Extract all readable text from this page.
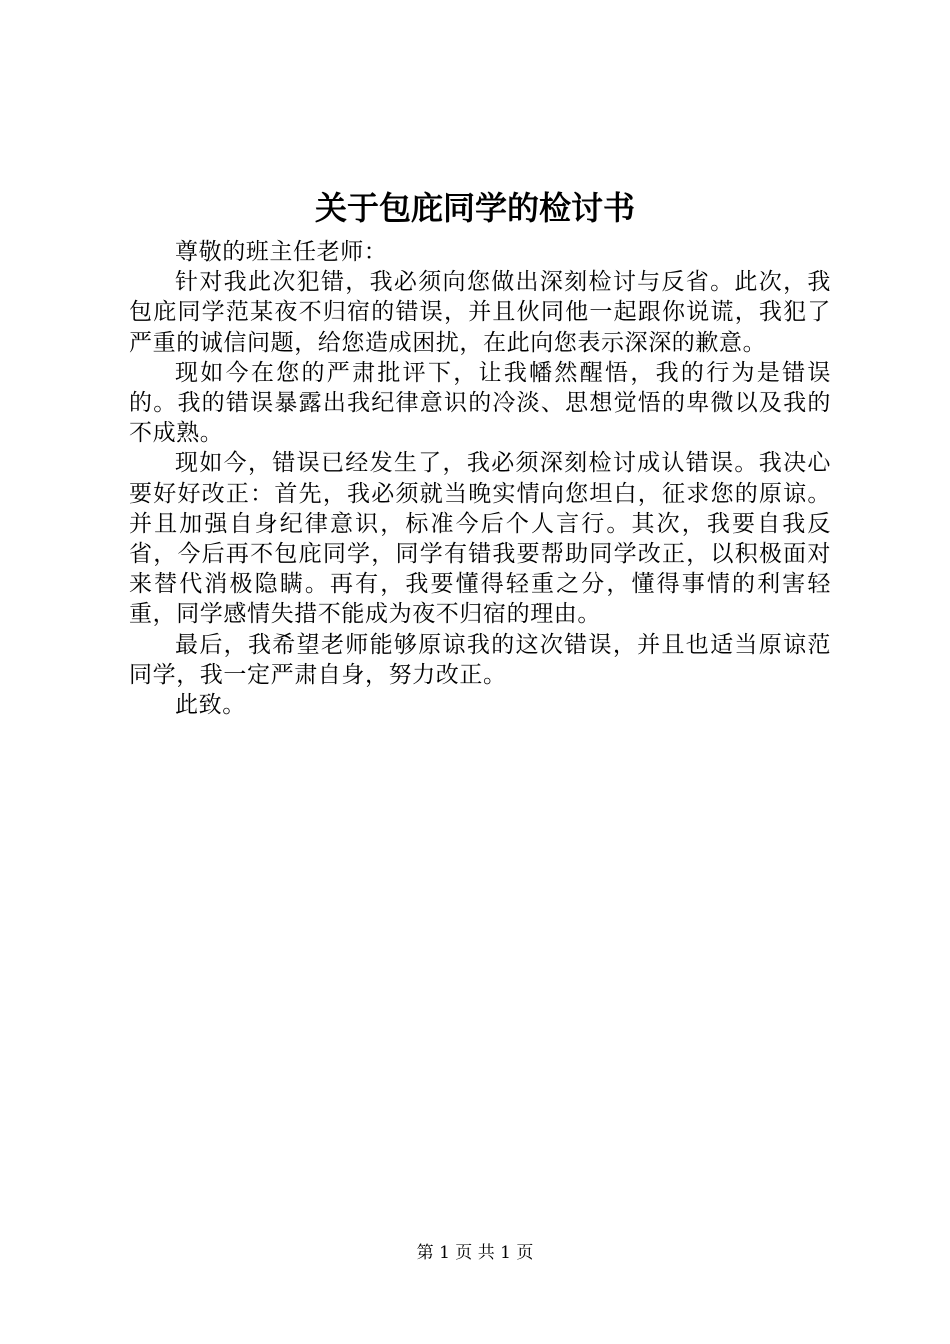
关于包庇同学的检讨书

尊敬的班主任老师：

针对我此次犯错，我必须向您做出深刻检讨与反省。此次，我包庇同学范某夜不归宿的错误，并且伙同他一起跟你说谎，我犯了严重的诚信问题，给您造成困扰，在此向您表示深深的歉意。

现如今在您的严肃批评下，让我幡然醒悟，我的行为是错误的。我的错误暴露出我纪律意识的冷淡、思想觉悟的卑微以及我的不成熟。

现如今，错误已经发生了，我必须深刻检讨成认错误。我决心要好好改正：首先，我必须就当晚实情向您坦白，征求您的原谅。并且加强自身纪律意识，标准今后个人言行。其次，我要自我反省，今后再不包庇同学，同学有错我要帮助同学改正，以积极面对来替代消极隐瞒。再有，我要懂得轻重之分，懂得事情的利害轻重，同学感情失措不能成为夜不归宿的理由。

最后，我希望老师能够原谅我的这次错误，并且也适当原谅范同学，我一定严肃自身，努力改正。

此致。

第 1 页 共 1 页
